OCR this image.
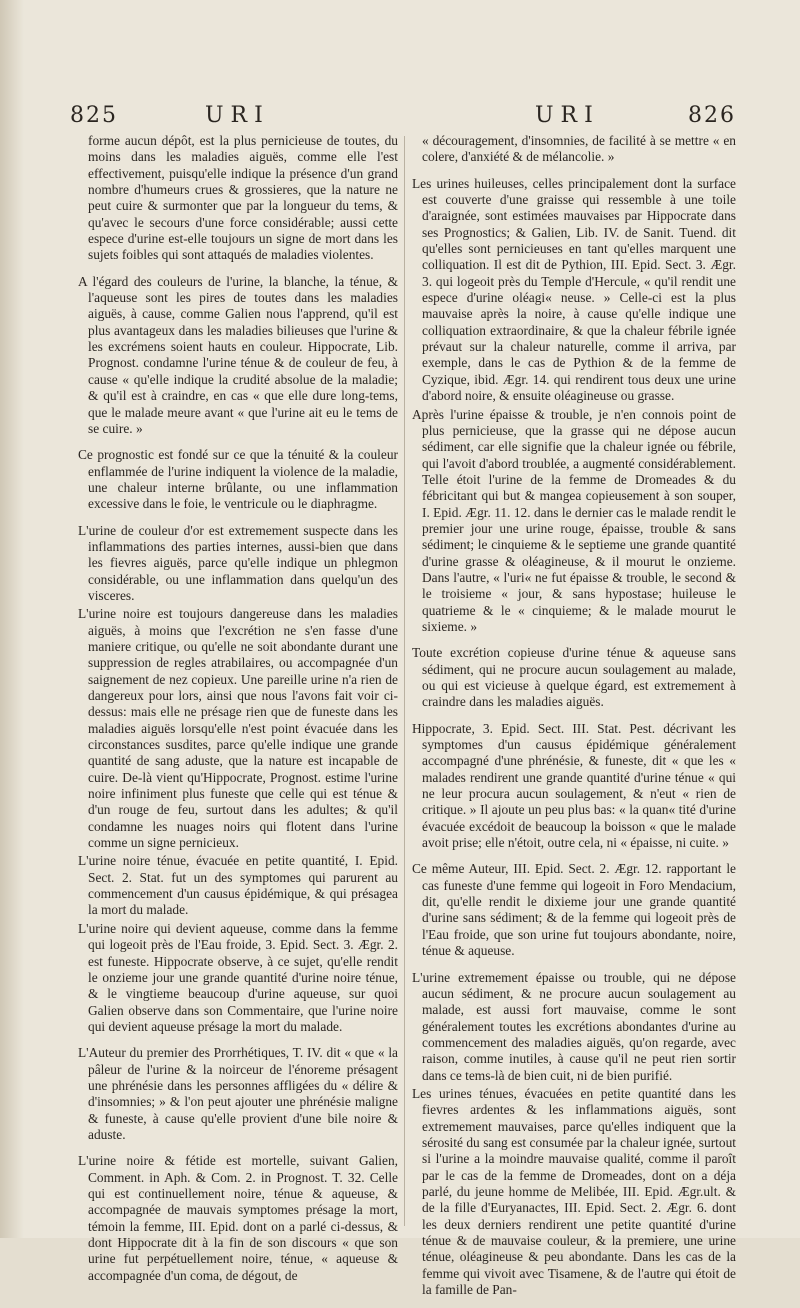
825	URI	URI	826

forme aucun dépôt, est la plus pernicieuse de toutes, du moins dans les maladies aiguës, comme elle l'est effectivement, puisqu'elle indique la présence d'un grand nombre d'humeurs crues & grossieres, que la nature ne peut cuire & surmonter que par la longueur du tems, & qu'avec le secours d'une force considérable; aussi cette espece d'urine est-elle toujours un signe de mort dans les sujets foibles qui sont attaqués de maladies violentes.

A l'égard des couleurs de l'urine, la blanche, la ténue, & l'aqueuse sont les pires de toutes dans les maladies aiguës, à cause, comme Galien nous l'apprend, qu'il est plus avantageux dans les maladies bilieuses que l'urine & les excrémens soient hauts en couleur. Hippocrate, Lib. Prognost. condamne l'urine ténue & de couleur de feu, à cause « qu'elle indique la crudité absolue de la maladie; & qu'il est à craindre, en cas « que elle dure long-tems, que le malade meure avant « que l'urine ait eu le tems de se cuire. »

Ce prognostic est fondé sur ce que la ténuité & la couleur enflammée de l'urine indiquent la violence de la maladie, une chaleur interne brûlante, ou une inflammation excessive dans le foie, le ventricule ou le diaphragme.

L'urine de couleur d'or est extremement suspecte dans les inflammations des parties internes, aussi-bien que dans les fievres aiguës, parce qu'elle indique un phlegmon considérable, ou une inflammation dans quelqu'un des visceres.

L'urine noire est toujours dangereuse dans les maladies aiguës, à moins que l'excrétion ne s'en fasse d'une maniere critique, ou qu'elle ne soit abondante durant une suppression de regles atrabilaires, ou accompagnée d'un saignement de nez copieux. Une pareille urine n'a rien de dangereux pour lors, ainsi que nous l'avons fait voir ci-dessus: mais elle ne présage rien que de funeste dans les maladies aiguës lorsqu'elle n'est point évacuée dans les circonstances susdites, parce qu'elle indique une grande quantité de sang aduste, que la nature est incapable de cuire. De-là vient qu'Hippocrate, Prognost. estime l'urine noire infiniment plus funeste que celle qui est ténue & d'un rouge de feu, surtout dans les adultes; & qu'il condamne les nuages noirs qui flotent dans l'urine comme un signe pernicieux.

L'urine noire ténue, évacuée en petite quantité, I. Epid. Sect. 2. Stat. fut un des symptomes qui parurent au commencement d'un causus épidémique, & qui présagea la mort du malade.

L'urine noire qui devient aqueuse, comme dans la femme qui logeoit près de l'Eau froide, 3. Epid. Sect. 3. Ægr. 2. est funeste. Hippocrate observe, à ce sujet, qu'elle rendit le onzieme jour une grande quantité d'urine noire ténue, & le vingtieme beaucoup d'urine aqueuse, sur quoi Galien observe dans son Commentaire, que l'urine noire qui devient aqueuse présage la mort du malade.

L'Auteur du premier des Prorrhétiques, T. IV. dit « que « la pâleur de l'urine & la noirceur de l'énoreme présagent une phrénésie dans les personnes affligées du « délire & d'insomnies; » & l'on peut ajouter une phrénésie maligne & funeste, à cause qu'elle provient d'une bile noire & aduste.

L'urine noire & fétide est mortelle, suivant Galien, Comment. in Aph. & Com. 2. in Prognost. T. 32. Celle qui est continuellement noire, ténue & aqueuse, & accompagnée de mauvais symptomes présage la mort, témoin la femme, III. Epid. dont on a parlé ci-dessus, & dont Hippocrate dit à la fin de son discours « que son urine fut perpétuellement noire, ténue, « aqueuse & accompagnée d'un coma, de dégout, de

« découragement, d'insomnies, de facilité à se mettre « en colere, d'anxiété & de mélancolie. »

Les urines huileuses, celles principalement dont la surface est couverte d'une graisse qui ressemble à une toile d'araignée, sont estimées mauvaises par Hippocrate dans ses Prognostics; & Galien, Lib. IV. de Sanit. Tuend. dit qu'elles sont pernicieuses en tant qu'elles marquent une colliquation. Il est dit de Pythion, III. Epid. Sect. 3. Ægr. 3. qui logeoit près du Temple d'Hercule, « qu'il rendit une espece d'urine oléagi« neuse. » Celle-ci est la plus mauvaise après la noire, à cause qu'elle indique une colliquation extraordinaire, & que la chaleur fébrile ignée prévaut sur la chaleur naturelle, comme il arriva, par exemple, dans le cas de Pythion & de la femme de Cyzique, ibid. Ægr. 14. qui rendirent tous deux une urine d'abord noire, & ensuite oléagineuse ou grasse.

Après l'urine épaisse & trouble, je n'en connois point de plus pernicieuse, que la grasse qui ne dépose aucun sédiment, car elle signifie que la chaleur ignée ou fébrile, qui l'avoit d'abord troublée, a augmenté considérablement. Telle étoit l'urine de la femme de Dromeades & du fébricitant qui but & mangea copieusement à son souper, I. Epid. Ægr. 11. 12. dans le dernier cas le malade rendit le premier jour une urine rouge, épaisse, trouble & sans sédiment; le cinquieme & le septieme une grande quantité d'urine grasse & oléagineuse, & il mourut le onzieme. Dans l'autre, « l'uri« ne fut épaisse & trouble, le second & le troisieme « jour, & sans hypostase; huileuse le quatrieme & le « cinquieme; & le malade mourut le sixieme. »

Toute excrétion copieuse d'urine ténue & aqueuse sans sédiment, qui ne procure aucun soulagement au malade, ou qui est vicieuse à quelque égard, est extremement à craindre dans les maladies aiguës.

Hippocrate, 3. Epid. Sect. III. Stat. Pest. décrivant les symptomes d'un causus épidémique généralement accompagné d'une phrénésie, & funeste, dit « que les « malades rendirent une grande quantité d'urine ténue « qui ne leur procura aucun soulagement, & n'eut « rien de critique. » Il ajoute un peu plus bas: « la quan« tité d'urine évacuée excédoit de beaucoup la boisson « que le malade avoit prise; elle n'étoit, outre cela, ni « épaisse, ni cuite. »

Ce même Auteur, III. Epid. Sect. 2. Ægr. 12. rapportant le cas funeste d'une femme qui logeoit in Foro Mendacium, dit, qu'elle rendit le dixieme jour une grande quantité d'urine sans sédiment; & de la femme qui logeoit près de l'Eau froide, que son urine fut toujours abondante, noire, ténue & aqueuse.

L'urine extremement épaisse ou trouble, qui ne dépose aucun sédiment, & ne procure aucun soulagement au malade, est aussi fort mauvaise, comme le sont généralement toutes les excrétions abondantes d'urine au commencement des maladies aiguës, qu'on regarde, avec raison, comme inutiles, à cause qu'il ne peut rien sortir dans ce tems-là de bien cuit, ni de bien purifié.

Les urines ténues, évacuées en petite quantité dans les fievres ardentes & les inflammations aiguës, sont extremement mauvaises, parce qu'elles indiquent que la sérosité du sang est consumée par la chaleur ignée, surtout si l'urine a la moindre mauvaise qualité, comme il paroît par le cas de la femme de Dromeades, dont on a déja parlé, du jeune homme de Melibée, III. Epid. Ægr.ult. & de la fille d'Euryanactes, III. Epid. Sect. 2. Ægr. 6. dont les deux derniers rendirent une petite quantité d'urine ténue & de mauvaise couleur, & la premiere, une urine ténue, oléagineuse & peu abondante. Dans les cas de la femme qui vivoit avec Tisamene, & de l'autre qui étoit de la famille de Pan-
